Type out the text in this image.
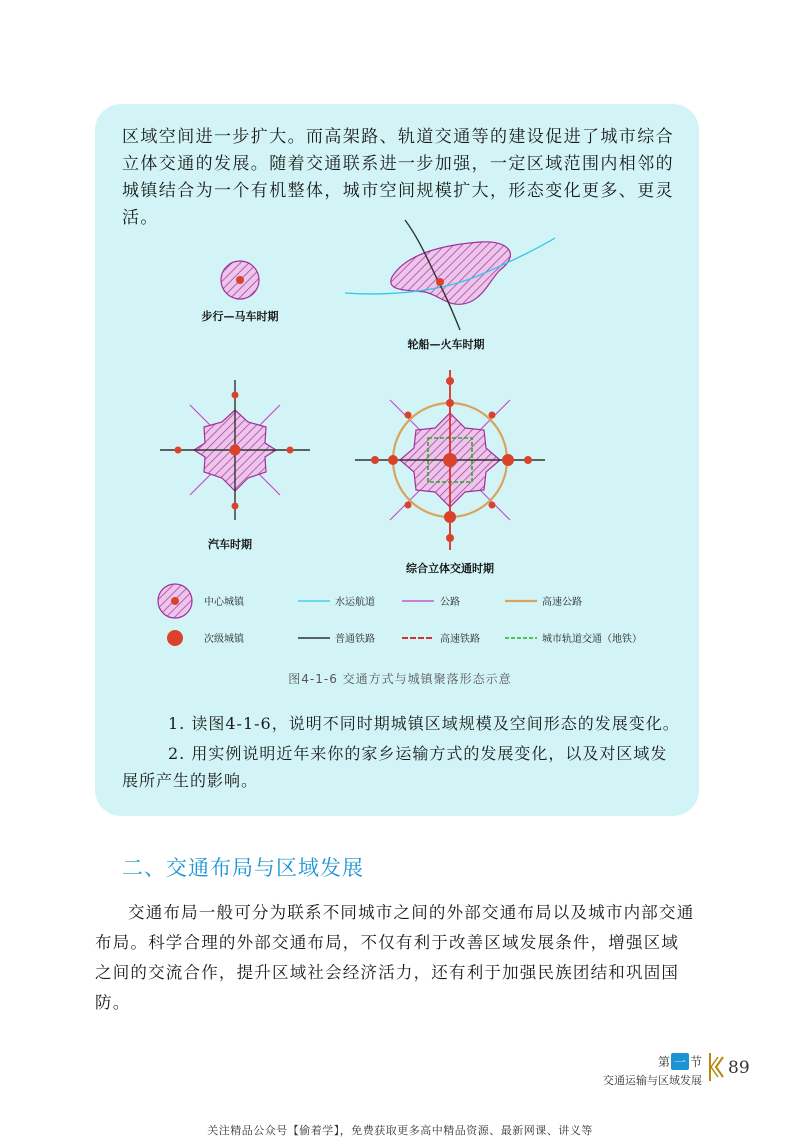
区域空间进一步扩大。而高架路、轨道交通等的建设促进了城市综合立体交通的发展。随着交通联系进一步加强，一定区域范围内相邻的城镇结合为一个有机整体，城市空间规模扩大，形态变化更多、更灵活。

步行—马车时期
轮船—火车时期
汽车时期
综合立体交通时期
中心城镇
次级城镇
水运航道
普通铁路
公路
高速铁路
高速公路
城市轨道交通（地铁）
图4-1-6 交通方式与城镇聚落形态示意

1. 读图4-1-6，说明不同时期城镇区域规模及空间形态的发展变化。

2. 用实例说明近年来你的家乡运输方式的发展变化，以及对区域发展所产生的影响。

二、交通布局与区域发展

交通布局一般可分为联系不同城市之间的外部交通布局以及城市内部交通布局。科学合理的外部交通布局，不仅有利于改善区域发展条件，增强区域之间的交流合作，提升区域社会经济活力，还有利于加强民族团结和巩固国防。

第 一 节
交通运输与区域发展
89
关注精品公众号【偷着学】，免费获取更多高中精品资源、最新网课、讲义等
